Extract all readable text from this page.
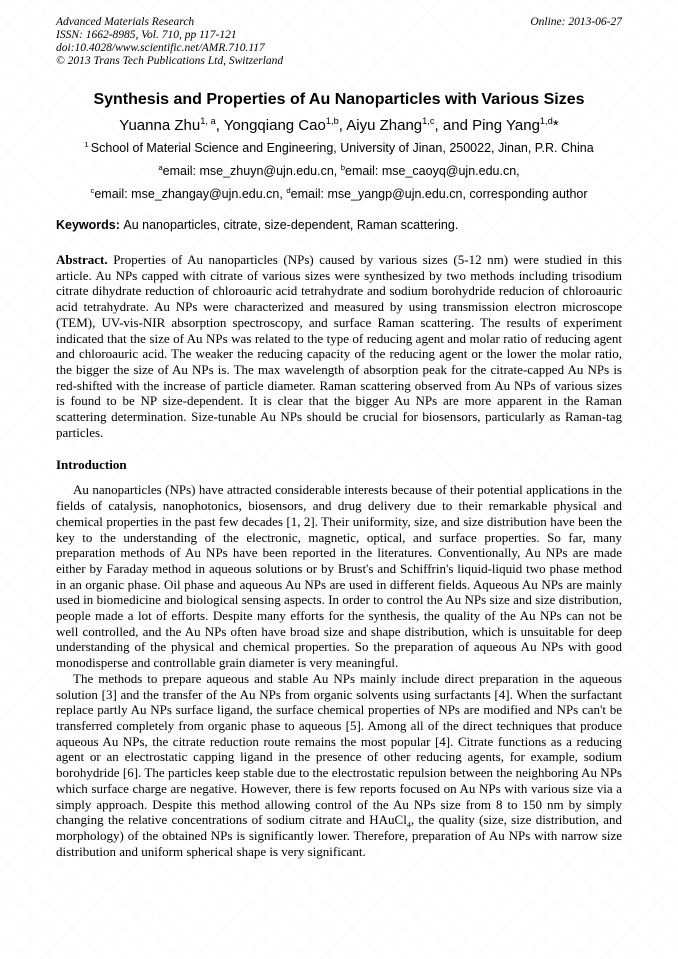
Advanced Materials Research
ISSN: 1662-8985, Vol. 710, pp 117-121
doi:10.4028/www.scientific.net/AMR.710.117
© 2013 Trans Tech Publications Ltd, Switzerland
Online: 2013-06-27
Synthesis and Properties of Au Nanoparticles with Various Sizes
Yuanna Zhu$^{1, a}$, Yongqiang Cao$^{1,b}$, Aiyu Zhang$^{1,c}$, and Ping Yang$^{1,d}$*
$^1$ School of Material Science and Engineering, University of Jinan, 250022, Jinan, P.R. China
$^a$email: mse_zhuyn@ujn.edu.cn, $^b$email: mse_caoyq@ujn.edu.cn,
$^c$email: mse_zhangay@ujn.edu.cn, $^d$email: mse_yangp@ujn.edu.cn, corresponding author
Keywords: Au nanoparticles, citrate, size-dependent, Raman scattering.
Abstract. Properties of Au nanoparticles (NPs) caused by various sizes (5-12 nm) were studied in this article. Au NPs capped with citrate of various sizes were synthesized by two methods including trisodium citrate dihydrate reduction of chloroauric acid tetrahydrate and sodium borohydride reducion of chloroauric acid tetrahydrate. Au NPs were characterized and measured by using transmission electron microscope (TEM), UV-vis-NIR absorption spectroscopy, and surface Raman scattering. The results of experiment indicated that the size of Au NPs was related to the type of reducing agent and molar ratio of reducing agent and chloroauric acid. The weaker the reducing capacity of the reducing agent or the lower the molar ratio, the bigger the size of Au NPs is. The max wavelength of absorption peak for the citrate-capped Au NPs is red-shifted with the increase of particle diameter. Raman scattering observed from Au NPs of various sizes is found to be NP size-dependent. It is clear that the bigger Au NPs are more apparent in the Raman scattering determination. Size-tunable Au NPs should be crucial for biosensors, particularly as Raman-tag particles.
Introduction

Au nanoparticles (NPs) have attracted considerable interests because of their potential applications in the fields of catalysis, nanophotonics, biosensors, and drug delivery due to their remarkable physical and chemical properties in the past few decades [1, 2]. Their uniformity, size, and size distribution have been the key to the understanding of the electronic, magnetic, optical, and surface properties. So far, many preparation methods of Au NPs have been reported in the literatures. Conventionally, Au NPs are made either by Faraday method in aqueous solutions or by Brust's and Schiffrin's liquid-liquid two phase method in an organic phase. Oil phase and aqueous Au NPs are used in different fields. Aqueous Au NPs are mainly used in biomedicine and biological sensing aspects. In order to control the Au NPs size and size distribution, people made a lot of efforts. Despite many efforts for the synthesis, the quality of the Au NPs can not be well controlled, and the Au NPs often have broad size and shape distribution, which is unsuitable for deep understanding of the physical and chemical properties. So the preparation of aqueous Au NPs with good monodisperse and controllable grain diameter is very meaningful.

The methods to prepare aqueous and stable Au NPs mainly include direct preparation in the aqueous solution [3] and the transfer of the Au NPs from organic solvents using surfactants [4]. When the surfactant replace partly Au NPs surface ligand, the surface chemical properties of NPs are modified and NPs can't be transferred completely from organic phase to aqueous [5]. Among all of the direct techniques that produce aqueous Au NPs, the citrate reduction route remains the most popular [4]. Citrate functions as a reducing agent or an electrostatic capping ligand in the presence of other reducing agents, for example, sodium borohydride [6]. The particles keep stable due to the electrostatic repulsion between the neighboring Au NPs which surface charge are negative. However, there is few reports focused on Au NPs with various size via a simply approach. Despite this method allowing control of the Au NPs size from 8 to 150 nm by simply changing the relative concentrations of sodium citrate and HAuCl$_4$, the quality (size, size distribution, and morphology) of the obtained NPs is significantly lower. Therefore, preparation of Au NPs with narrow size distribution and uniform spherical shape is very significant.
